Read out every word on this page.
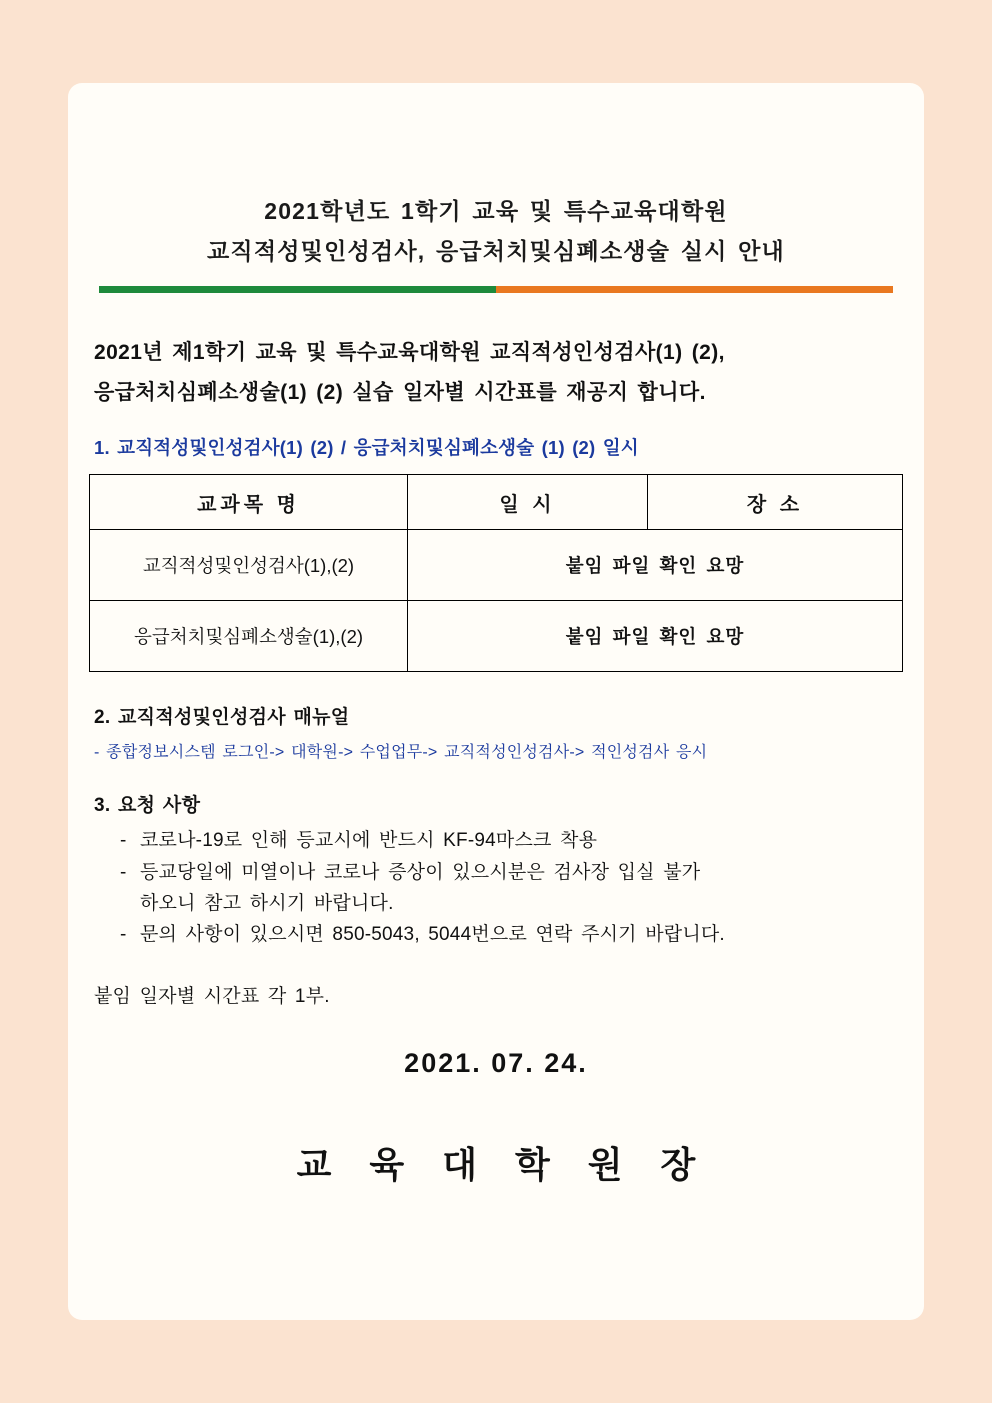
2021학년도 1학기 교육 및 특수교육대학원
교직적성및인성검사, 응급처치및심폐소생술 실시 안내
2021년 제1학기 교육 및 특수교육대학원 교직적성인성검사(1) (2),
응급처치심폐소생술(1) (2) 실습 일자별 시간표를 재공지 합니다.
1. 교직적성및인성검사(1) (2) / 응급처치및심폐소생술 (1) (2) 일시
교과목 명	일 시	장 소
교직적성및인성검사(1),(2)	붙임 파일 확인 요망	
응급처치및심폐소생술(1),(2)	붙임 파일 확인 요망	
2. 교직적성및인성검사 매뉴얼
- 종합정보시스템 로그인-> 대학원-> 수업업무-> 교직적성인성검사-> 적인성검사 응시
3. 요청 사항
- 코로나-19로 인해 등교시에 반드시 KF-94마스크 착용
- 등교당일에 미열이나 코로나 증상이 있으시분은 검사장 입실 불가
하오니 참고 하시기 바랍니다.
- 문의 사항이 있으시면 850-5043, 5044번으로 연락 주시기 바랍니다.
붙임 일자별 시간표 각 1부.
2021. 07. 24.
교 육 대 학 원 장
